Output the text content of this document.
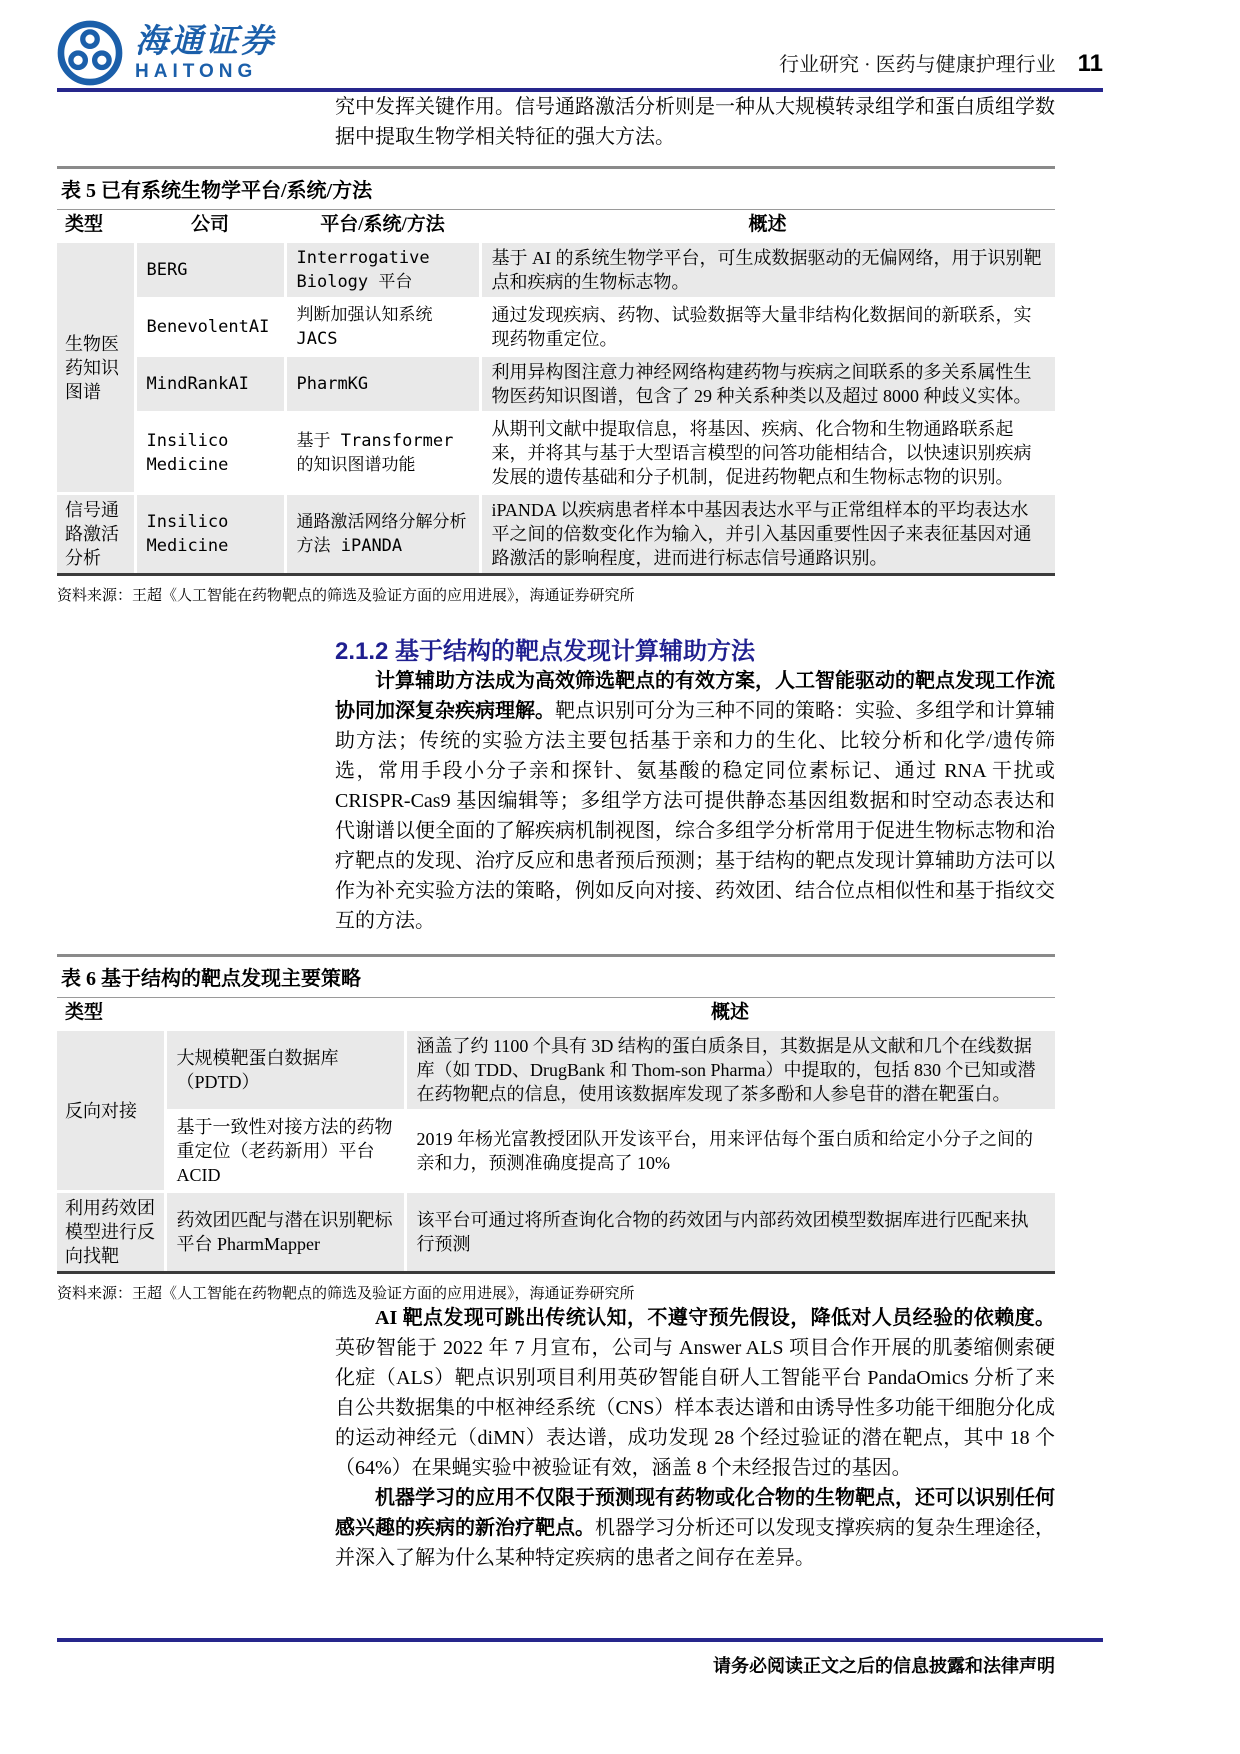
海通证券
HAITONG	行业研究 · 医药与健康护理行业 11

究中发挥关键作用。信号通路激活分析则是一种从大规模转录组学和蛋白质组学数据中提取生物学相关特征的强大方法。

表 5 已有系统生物学平台/系统/方法
类型	公司	平台/系统/方法	概述
生物医药知识图谱	BERG	Interrogative Biology 平台	基于 AI 的系统生物学平台，可生成数据驱动的无偏网络，用于识别靶点和疾病的生物标志物。
	BenevolentAI	判断加强认知系统 JACS	通过发现疾病、药物、试验数据等大量非结构化数据间的新联系，实现药物重定位。
	MindRankAI	PharmKG	利用异构图注意力神经网络构建药物与疾病之间联系的多关系属性生物医药知识图谱，包含了 29 种关系种类以及超过 8000 种歧义实体。
	Insilico Medicine	基于 Transformer 的知识图谱功能	从期刊文献中提取信息，将基因、疾病、化合物和生物通路联系起来，并将其与基于大型语言模型的问答功能相结合，以快速识别疾病发展的遗传基础和分子机制，促进药物靶点和生物标志物的识别。
信号通路激活分析	Insilico Medicine	通路激活网络分解分析方法 iPANDA	iPANDA 以疾病患者样本中基因表达水平与正常组样本的平均表达水平之间的倍数变化作为输入，并引入基因重要性因子来表征基因对通路激活的影响程度，进而进行标志信号通路识别。
资料来源：王超《人工智能在药物靶点的筛选及验证方面的应用进展》，海通证券研究所
2.1.2 基于结构的靶点发现计算辅助方法

计算辅助方法成为高效筛选靶点的有效方案，人工智能驱动的靶点发现工作流协同加深复杂疾病理解。靶点识别可分为三种不同的策略：实验、多组学和计算辅助方法；传统的实验方法主要包括基于亲和力的生化、比较分析和化学/遗传筛选，常用手段小分子亲和探针、氨基酸的稳定同位素标记、通过 RNA 干扰或 CRISPR-Cas9 基因编辑等；多组学方法可提供静态基因组数据和时空动态表达和代谢谱以便全面的了解疾病机制视图，综合多组学分析常用于促进生物标志物和治疗靶点的发现、治疗反应和患者预后预测；基于结构的靶点发现计算辅助方法可以作为补充实验方法的策略，例如反向对接、药效团、结合位点相似性和基于指纹交互的方法。

表 6 基于结构的靶点发现主要策略
类型		概述
反向对接	大规模靶蛋白数据库（PDTD）	涵盖了约 1100 个具有 3D 结构的蛋白质条目，其数据是从文献和几个在线数据库（如 TDD、DrugBank 和 Thom-son Pharma）中提取的，包括 830 个已知或潜在药物靶点的信息，使用该数据库发现了茶多酚和人参皂苷的潜在靶蛋白。
	基于一致性对接方法的药物重定位（老药新用）平台 ACID	2019 年杨光富教授团队开发该平台，用来评估每个蛋白质和给定小分子之间的亲和力，预测准确度提高了 10%
利用药效团模型进行反向找靶	药效团匹配与潜在识别靶标平台 PharmMapper	该平台可通过将所查询化合物的药效团与内部药效团模型数据库进行匹配来执行预测
资料来源：王超《人工智能在药物靶点的筛选及验证方面的应用进展》，海通证券研究所

AI 靶点发现可跳出传统认知，不遵守预先假设，降低对人员经验的依赖度。英矽智能于 2022 年 7 月宣布，公司与 Answer ALS 项目合作开展的肌萎缩侧索硬化症（ALS）靶点识别项目利用英矽智能自研人工智能平台 PandaOmics 分析了来自公共数据集的中枢神经系统（CNS）样本表达谱和由诱导性多功能干细胞分化成的运动神经元（diMN）表达谱，成功发现 28 个经过验证的潜在靶点，其中 18 个（64%）在果蝇实验中被验证有效，涵盖 8 个未经报告过的基因。

机器学习的应用不仅限于预测现有药物或化合物的生物靶点，还可以识别任何感兴趣的疾病的新治疗靶点。机器学习分析还可以发现支撑疾病的复杂生理途径，并深入了解为什么某种特定疾病的患者之间存在差异。

请务必阅读正文之后的信息披露和法律声明
